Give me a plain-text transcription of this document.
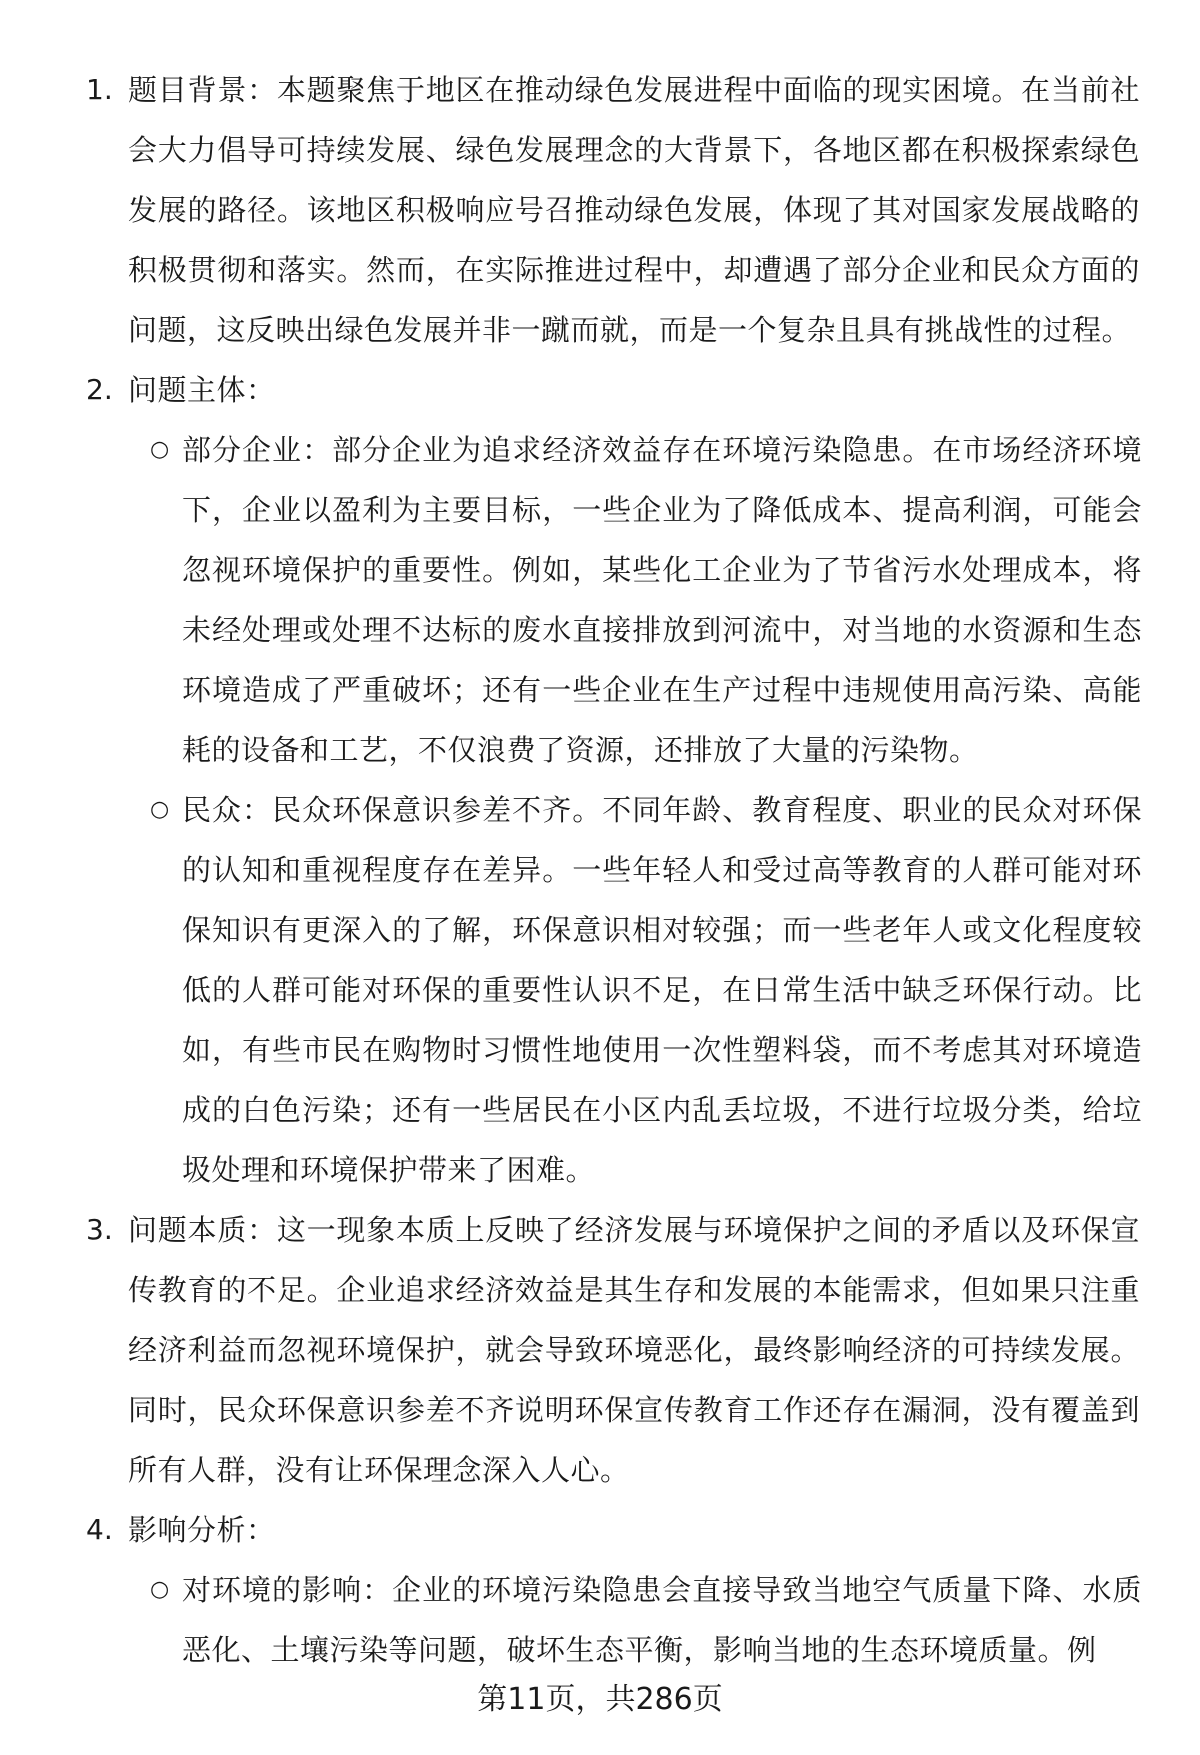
1. 题目背景：本题聚焦于地区在推动绿色发展进程中面临的现实困境。在当前社会大力倡导可持续发展、绿色发展理念的大背景下，各地区都在积极探索绿色发展的路径。该地区积极响应号召推动绿色发展，体现了其对国家发展战略的积极贯彻和落实。然而，在实际推进过程中，却遭遇了部分企业和民众方面的问题，这反映出绿色发展并非一蹴而就，而是一个复杂且具有挑战性的过程。

2. 问题主体：

○ 部分企业：部分企业为追求经济效益存在环境污染隐患。在市场经济环境下，企业以盈利为主要目标，一些企业为了降低成本、提高利润，可能会忽视环境保护的重要性。例如，某些化工企业为了节省污水处理成本，将未经处理或处理不达标的废水直接排放到河流中，对当地的水资源和生态环境造成了严重破坏；还有一些企业在生产过程中违规使用高污染、高能耗的设备和工艺，不仅浪费了资源，还排放了大量的污染物。

○ 民众：民众环保意识参差不齐。不同年龄、教育程度、职业的民众对环保的认知和重视程度存在差异。一些年轻人和受过高等教育的人群可能对环保知识有更深入的了解，环保意识相对较强；而一些老年人或文化程度较低的人群可能对环保的重要性认识不足，在日常生活中缺乏环保行动。比如，有些市民在购物时习惯性地使用一次性塑料袋，而不考虑其对环境造成的白色污染；还有一些居民在小区内乱丢垃圾，不进行垃圾分类，给垃圾处理和环境保护带来了困难。

3. 问题本质：这一现象本质上反映了经济发展与环境保护之间的矛盾以及环保宣传教育的不足。企业追求经济效益是其生存和发展的本能需求，但如果只注重经济利益而忽视环境保护，就会导致环境恶化，最终影响经济的可持续发展。同时，民众环保意识参差不齐说明环保宣传教育工作还存在漏洞，没有覆盖到所有人群，没有让环保理念深入人心。

4. 影响分析：

○ 对环境的影响：企业的环境污染隐患会直接导致当地空气质量下降、水质恶化、土壤污染等问题，破坏生态平衡，影响当地的生态环境质量。例

第11页，共286页
